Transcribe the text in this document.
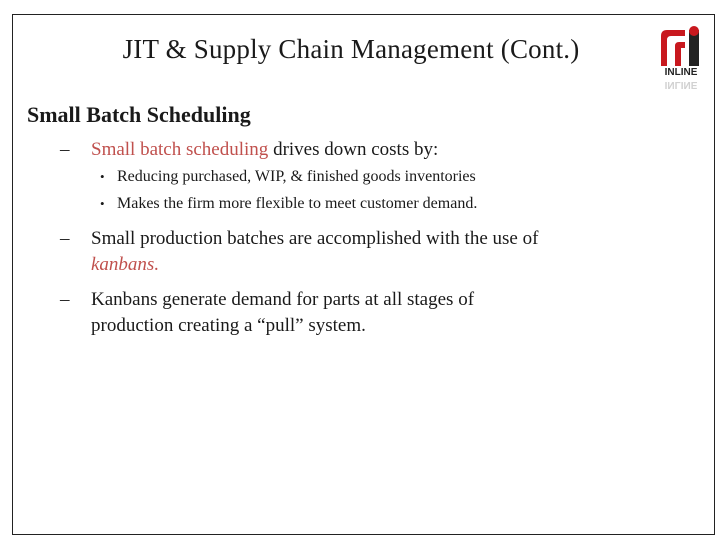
JIT & Supply Chain Management (Cont.)
INLINE
INLINE
Small Batch Scheduling
– Small batch scheduling drives down costs by:
• Reducing purchased, WIP, & finished goods inventories
• Makes the firm more flexible to meet customer demand.
– Small production batches are accomplished with the use of
kanbans.
– Kanbans generate demand for parts at all stages of
production creating a “pull” system.
